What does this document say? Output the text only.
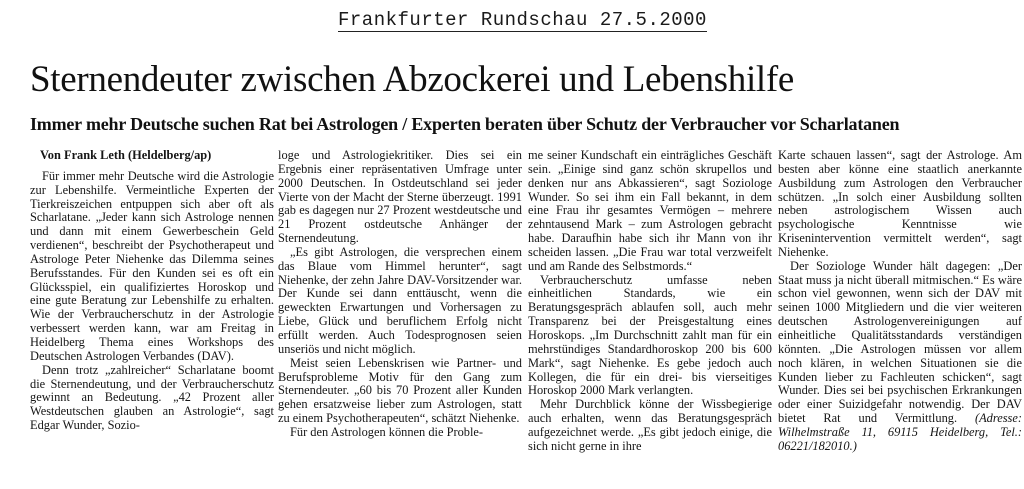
Frankfurter Rundschau 27.5.2000
Sternendeuter zwischen Abzockerei und Lebenshilfe
Immer mehr Deutsche suchen Rat bei Astrologen / Experten beraten über Schutz der Verbraucher vor Scharlatanen
Von Frank Leth (Heldelberg/ap)

Für immer mehr Deutsche wird die Astrologie zur Lebenshilfe. Vermeintliche Experten der Tierkreiszeichen entpuppen sich aber oft als Scharlatane. „Jeder kann sich Astrologe nennen und dann mit einem Gewerbeschein Geld verdienen“, beschreibt der Psychotherapeut und Astrologe Peter Niehenke das Dilemma seines Berufsstandes. Für den Kunden sei es oft ein Glücksspiel, ein qualifiziertes Horoskop und eine gute Beratung zur Lebenshilfe zu erhalten. Wie der Verbraucherschutz in der Astrologie verbessert werden kann, war am Freitag in Heidelberg Thema eines Workshops des Deutschen Astrologen Verbandes (DAV).

Denn trotz „zahlreicher“ Scharlatane boomt die Sternendeutung, und der Verbraucherschutz gewinnt an Bedeutung. „42 Prozent aller Westdeutschen glauben an Astrologie“, sagt Edgar Wunder, Sozio-

loge und Astrologiekritiker. Dies sei ein Ergebnis einer repräsentativen Umfrage unter 2000 Deutschen. In Ostdeutschland sei jeder Vierte von der Macht der Sterne überzeugt. 1991 gab es dagegen nur 27 Prozent westdeutsche und 21 Prozent ostdeutsche Anhänger der Sternendeutung.

„Es gibt Astrologen, die versprechen einem das Blaue vom Himmel herunter“, sagt Niehenke, der zehn Jahre DAV-Vorsitzender war. Der Kunde sei dann enttäuscht, wenn die geweckten Erwartungen und Vorhersagen zu Liebe, Glück und beruflichem Erfolg nicht erfüllt werden. Auch Todesprognosen seien unseriös und nicht möglich.

Meist seien Lebenskrisen wie Partner- und Berufsprobleme Motiv für den Gang zum Sternendeuter. „60 bis 70 Prozent aller Kunden gehen ersatzweise lieber zum Astrologen, statt zu einem Psychotherapeuten“, schätzt Niehenke.

Für den Astrologen können die Proble-

me seiner Kundschaft ein einträgliches Geschäft sein. „Einige sind ganz schön skrupellos und denken nur ans Abkassieren“, sagt Soziologe Wunder. So sei ihm ein Fall bekannt, in dem eine Frau ihr gesamtes Vermögen – mehrere zehntausend Mark – zum Astrologen gebracht habe. Daraufhin habe sich ihr Mann von ihr scheiden lassen. „Die Frau war total verzweifelt und am Rande des Selbstmords.“

Verbraucherschutz umfasse neben einheitlichen Standards, wie ein Beratungsgespräch ablaufen soll, auch mehr Transparenz bei der Preisgestaltung eines Horoskops. „Im Durchschnitt zahlt man für ein mehrstündiges Standardhoroskop 200 bis 600 Mark“, sagt Niehenke. Es gebe jedoch auch Kollegen, die für ein drei- bis vierseitiges Horoskop 2000 Mark verlangten.

Mehr Durchblick könne der Wissbegierige auch erhalten, wenn das Beratungsgespräch aufgezeichnet werde. „Es gibt jedoch einige, die sich nicht gerne in ihre

Karte schauen lassen“, sagt der Astrologe. Am besten aber könne eine staatlich anerkannte Ausbildung zum Astrologen den Verbraucher schützen. „In solch einer Ausbildung sollten neben astrologischem Wissen auch psychologische Kenntnisse wie Krisenintervention vermittelt werden“, sagt Niehenke.

Der Soziologe Wunder hält dagegen: „Der Staat muss ja nicht überall mitmischen.“ Es wäre schon viel gewonnen, wenn sich der DAV mit seinen 1000 Mitgliedern und die vier weiteren deutschen Astrologenvereinigungen auf einheitliche Qualitätsstandards verständigen könnten. „Die Astrologen müssen vor allem noch klären, in welchen Situationen sie die Kunden lieber zu Fachleuten schicken“, sagt Wunder. Dies sei bei psychischen Erkrankungen oder einer Suizidgefahr notwendig. Der DAV bietet Rat und Vermittlung. (Adresse: Wilhelmstraße 11, 69115 Heidelberg, Tel.: 06221/182010.)
